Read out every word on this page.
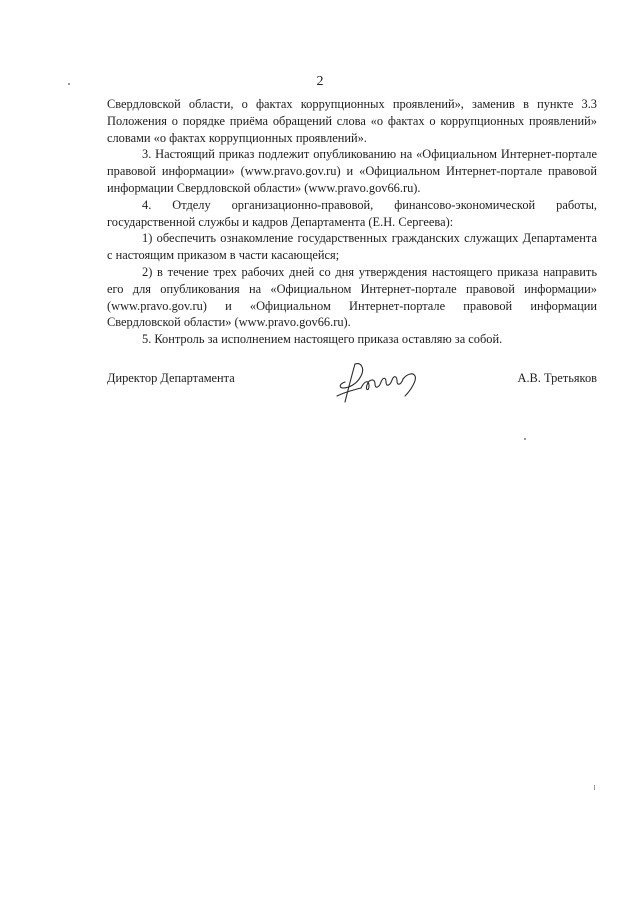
2

Свердловской области, о фактах коррупционных проявлений», заменив в пункте 3.3 Положения о порядке приёма обращений слова «о фактах о коррупционных проявлений» словами «о фактах коррупционных проявлений».

3. Настоящий приказ подлежит опубликованию на «Официальном Интернет-портале правовой информации» (www.pravo.gov.ru) и «Официальном Интернет-портале правовой информации Свердловской области» (www.pravo.gov66.ru).

4. Отделу организационно-правовой, финансово-экономической работы, государственной службы и кадров Департамента (Е.Н. Сергеева):

1) обеспечить ознакомление государственных гражданских служащих Департамента с настоящим приказом в части касающейся;

2) в течение трех рабочих дней со дня утверждения настоящего приказа направить его для опубликования на «Официальном Интернет-портале правовой информации» (www.pravo.gov.ru) и «Официальном Интернет-портале правовой информации Свердловской области» (www.pravo.gov66.ru).

5. Контроль за исполнением настоящего приказа оставляю за собой.

Директор Департамента	А.В. Третьяков
